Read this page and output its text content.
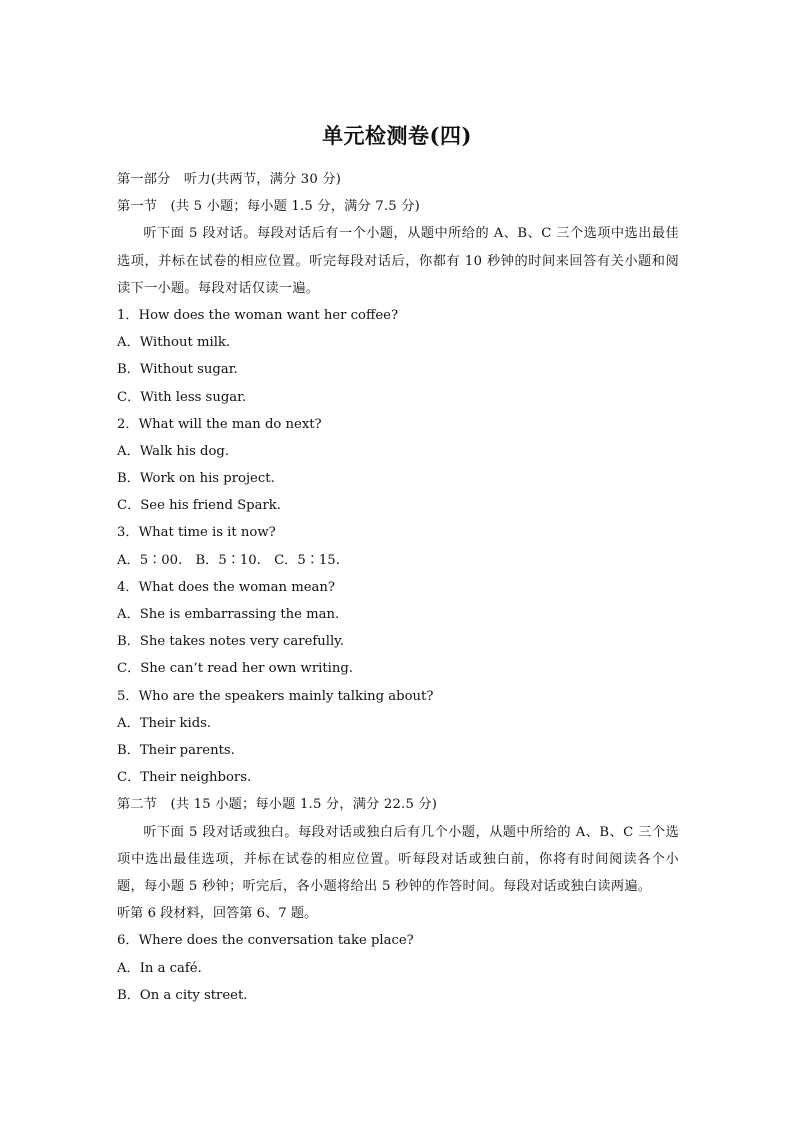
单元检测卷(四)
第一部分　听力(共两节，满分 30 分)
第一节　(共 5 小题；每小题 1.5 分，满分 7.5 分)
听下面 5 段对话。每段对话后有一个小题，从题中所给的 A、B、C 三个选项中选出最佳选项，并标在试卷的相应位置。听完每段对话后，你都有 10 秒钟的时间来回答有关小题和阅读下一小题。每段对话仅读一遍。
1．How does the woman want her coffee?
A．Without milk.
B．Without sugar.
C．With less sugar.
2．What will the man do next?
A．Walk his dog.
B．Work on his project.
C．See his friend Spark.
3．What time is it now?
A．5∶00.　B．5∶10.　C．5∶15.
4．What does the woman mean?
A．She is embarrassing the man.
B．She takes notes very carefully.
C．She can’t read her own writing.
5．Who are the speakers mainly talking about?
A．Their kids.
B．Their parents.
C．Their neighbors.
第二节　(共 15 小题；每小题 1.5 分，满分 22.5 分)
听下面 5 段对话或独白。每段对话或独白后有几个小题，从题中所给的 A、B、C 三个选项中选出最佳选项，并标在试卷的相应位置。听每段对话或独白前，你将有时间阅读各个小题，每小题 5 秒钟；听完后，各小题将给出 5 秒钟的作答时间。每段对话或独白读两遍。
听第 6 段材料，回答第 6、7 题。
6．Where does the conversation take place?
A．In a café.
B．On a city street.
